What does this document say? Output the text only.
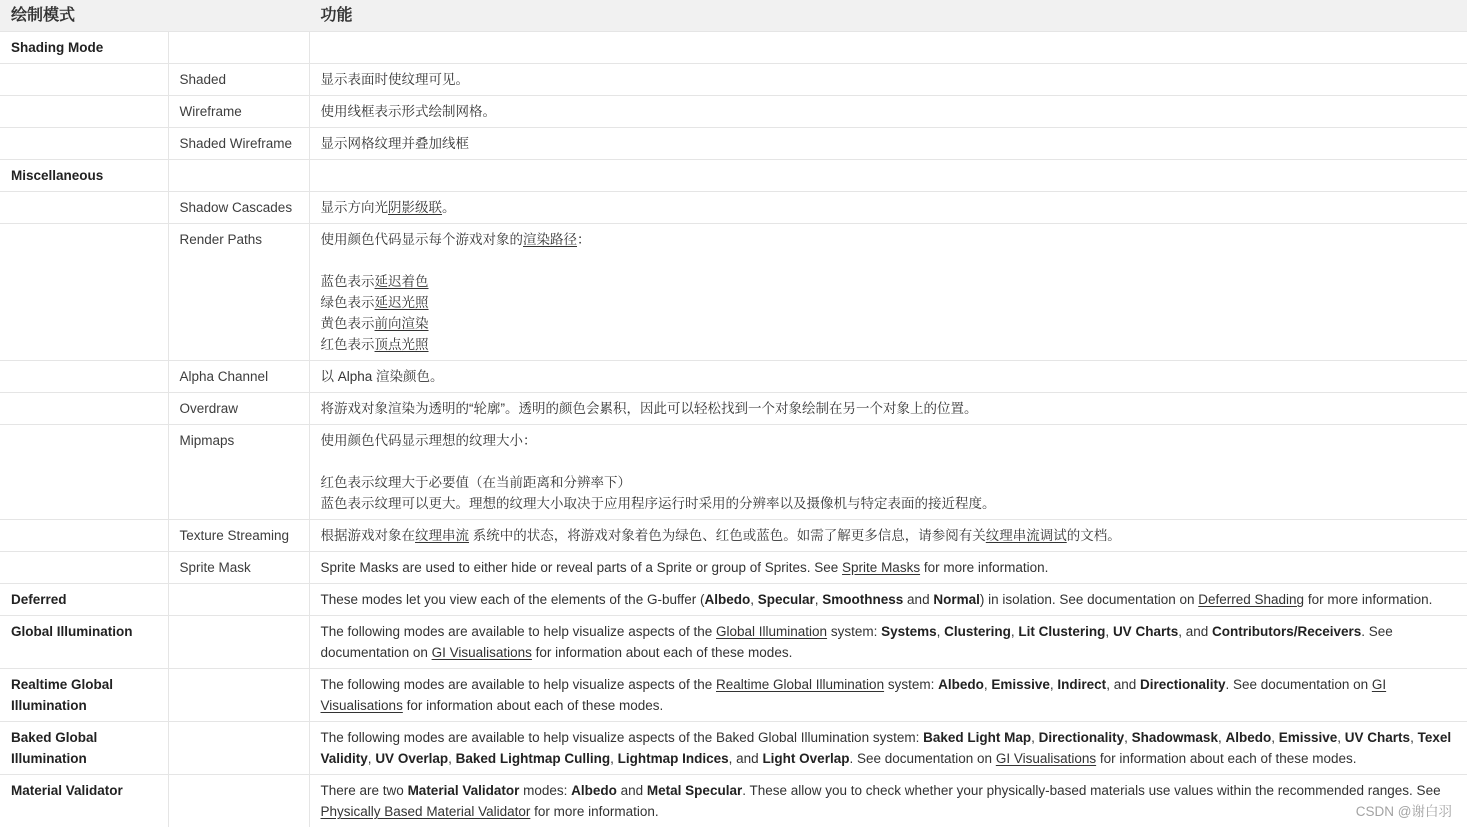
绘制模式		功能
Shading Mode		
	Shaded	显示表面时使纹理可见。

	Wireframe	使用线框表示形式绘制网格。

	Shaded Wireframe	显示网格纹理并叠加线框

Miscellaneous		
	Shadow Cascades	显示方向光阴影级联。

	Render Paths	使用颜色代码显示每个游戏对象的渲染路径：
蓝色表示延迟着色
绿色表示延迟光照
黄色表示前向渲染
红色表示顶点光照

	Alpha Channel	以 Alpha 渲染颜色。

	Overdraw	将游戏对象渲染为透明的“轮廓”。透明的颜色会累积，因此可以轻松找到一个对象绘制在另一个对象上的位置。

	Mipmaps	使用颜色代码显示理想的纹理大小：
红色表示纹理大于必要值（在当前距离和分辨率下）
蓝色表示纹理可以更大。理想的纹理大小取决于应用程序运行时采用的分辨率以及摄像机与特定表面的接近程度。

	Texture Streaming	根据游戏对象在纹理串流 系统中的状态，将游戏对象着色为绿色、红色或蓝色。如需了解更多信息，请参阅有关纹理串流调试的文档。

	Sprite Mask	Sprite Masks are used to either hide or reveal parts of a Sprite or group of Sprites. See Sprite Masks for more information.

Deferred		These modes let you view each of the elements of the G-buffer (Albedo, Specular, Smoothness and Normal) in isolation. See documentation on Deferred Shading for more information.

Global Illumination		The following modes are available to help visualize aspects of the Global Illumination system: Systems, Clustering, Lit Clustering, UV Charts, and Contributors/Receivers. See documentation on GI Visualisations for information about each of these modes.

Realtime Global Illumination		The following modes are available to help visualize aspects of the Realtime Global Illumination system: Albedo, Emissive, Indirect, and Directionality. See documentation on GI Visualisations for information about each of these modes.

Baked Global Illumination		The following modes are available to help visualize aspects of the Baked Global Illumination system: Baked Light Map, Directionality, Shadowmask, Albedo, Emissive, UV Charts, Texel Validity, UV Overlap, Baked Lightmap Culling, Lightmap Indices, and Light Overlap. See documentation on GI Visualisations for information about each of these modes.

Material Validator		There are two Material Validator modes: Albedo and Metal Specular. These allow you to check whether your physically-based materials use values within the recommended ranges. See Physically Based Material Validator for more information.	CSDN @谢白羽
